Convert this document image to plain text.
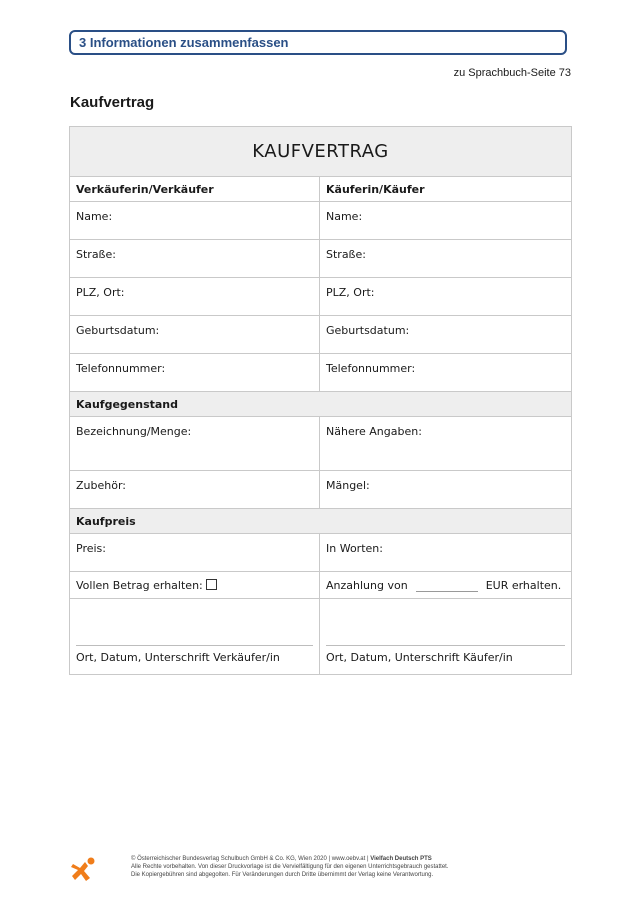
3 Informationen zusammenfassen
zu Sprachbuch-Seite 73
Kaufvertrag
KAUFVERTRAG	
Verkäuferin/Verkäufer	Käuferin/Käufer
Name:	Name:
Straße:	Straße:
PLZ, Ort:	PLZ, Ort:
Geburtsdatum:	Geburtsdatum:
Telefonnummer:	Telefonnummer:
Kaufgegenstand	
Bezeichnung/Menge:	Nähere Angaben:
Zubehör:	Mängel:
Kaufpreis	
Preis:	In Worten:
Vollen Betrag erhalten:	Anzahlung von EUR erhalten.

Ort, Datum, Unterschrift Verkäufer/in	Ort, Datum, Unterschrift Käufer/in
© Österreichischer Bundesverlag Schulbuch GmbH & Co. KG, Wien 2020 | www.oebv.at | Vielfach Deutsch PTS
Alle Rechte vorbehalten. Von dieser Druckvorlage ist die Vervielfältigung für den eigenen Unterrichtsgebrauch gestattet.
Die Kopiergebühren sind abgegolten. Für Veränderungen durch Dritte übernimmt der Verlag keine Verantwortung.
